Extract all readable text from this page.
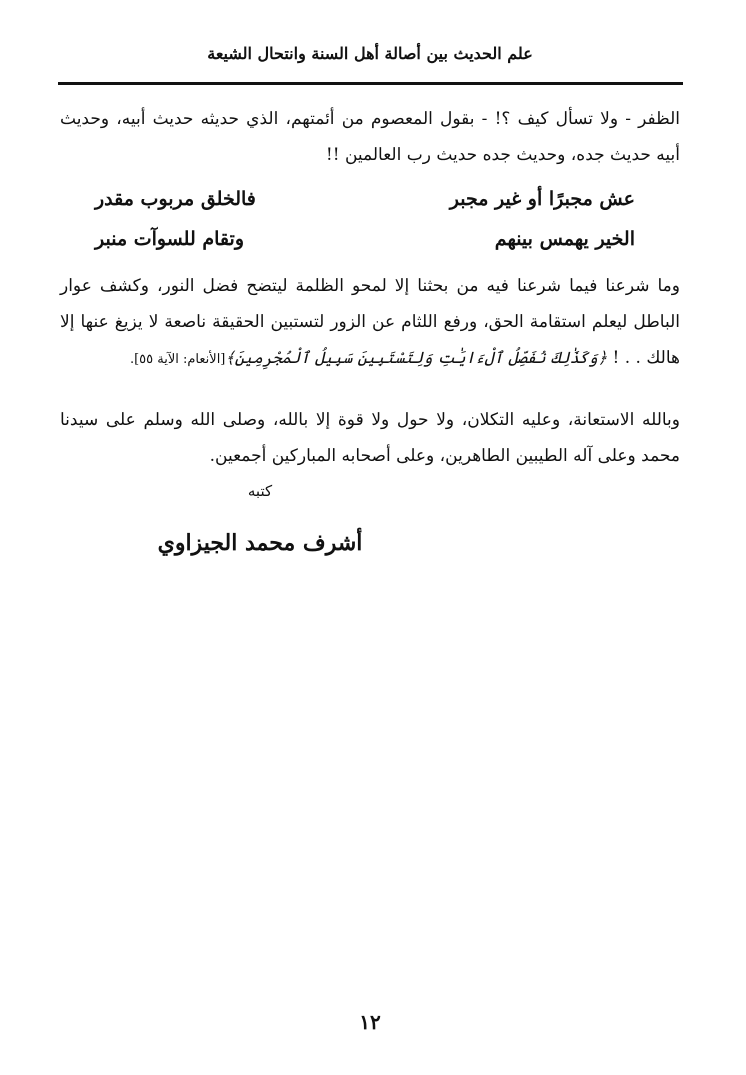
علم الحديث بين أصالة أهل السنة وانتحال الشيعة

الظفر - ولا تسأل كيف ؟! - بقول المعصوم من أئمتهم، الذي حديثه حديث أبيه، وحديث أبيه حديث جده، وحديث جده حديث رب العالمين !!

عش مجبرًا أو غير مجبر
فالخلق مربوب مقدر
الخير يهمس بينهم
وتقام للسوآت منبر

وما شرعنا فيما شرعنا فيه من بحثنا إلا لمحو الظلمة ليتضح فضل النور، وكشف عوار الباطل ليعلم استقامة الحق، ورفع اللثام عن الزور لتستبين الحقيقة ناصعة لا يزيغ عنها إلا هالك . . ! ﴿وَكَذَٰلِكَ نُفَصِّلُ ٱلْءَايَٰتِ وَلِتَسْتَبِينَ سَبِيلُ ٱلْمُجْرِمِينَ﴾[الأنعام: الآية ٥٥].

وبالله الاستعانة، وعليه التكلان، ولا حول ولا قوة إلا بالله، وصلى الله وسلم على سيدنا محمد وعلى آله الطيبين الطاهرين، وعلى أصحابه المباركين أجمعين.

كتبه
أشرف محمد الجيزاوي
١٢
